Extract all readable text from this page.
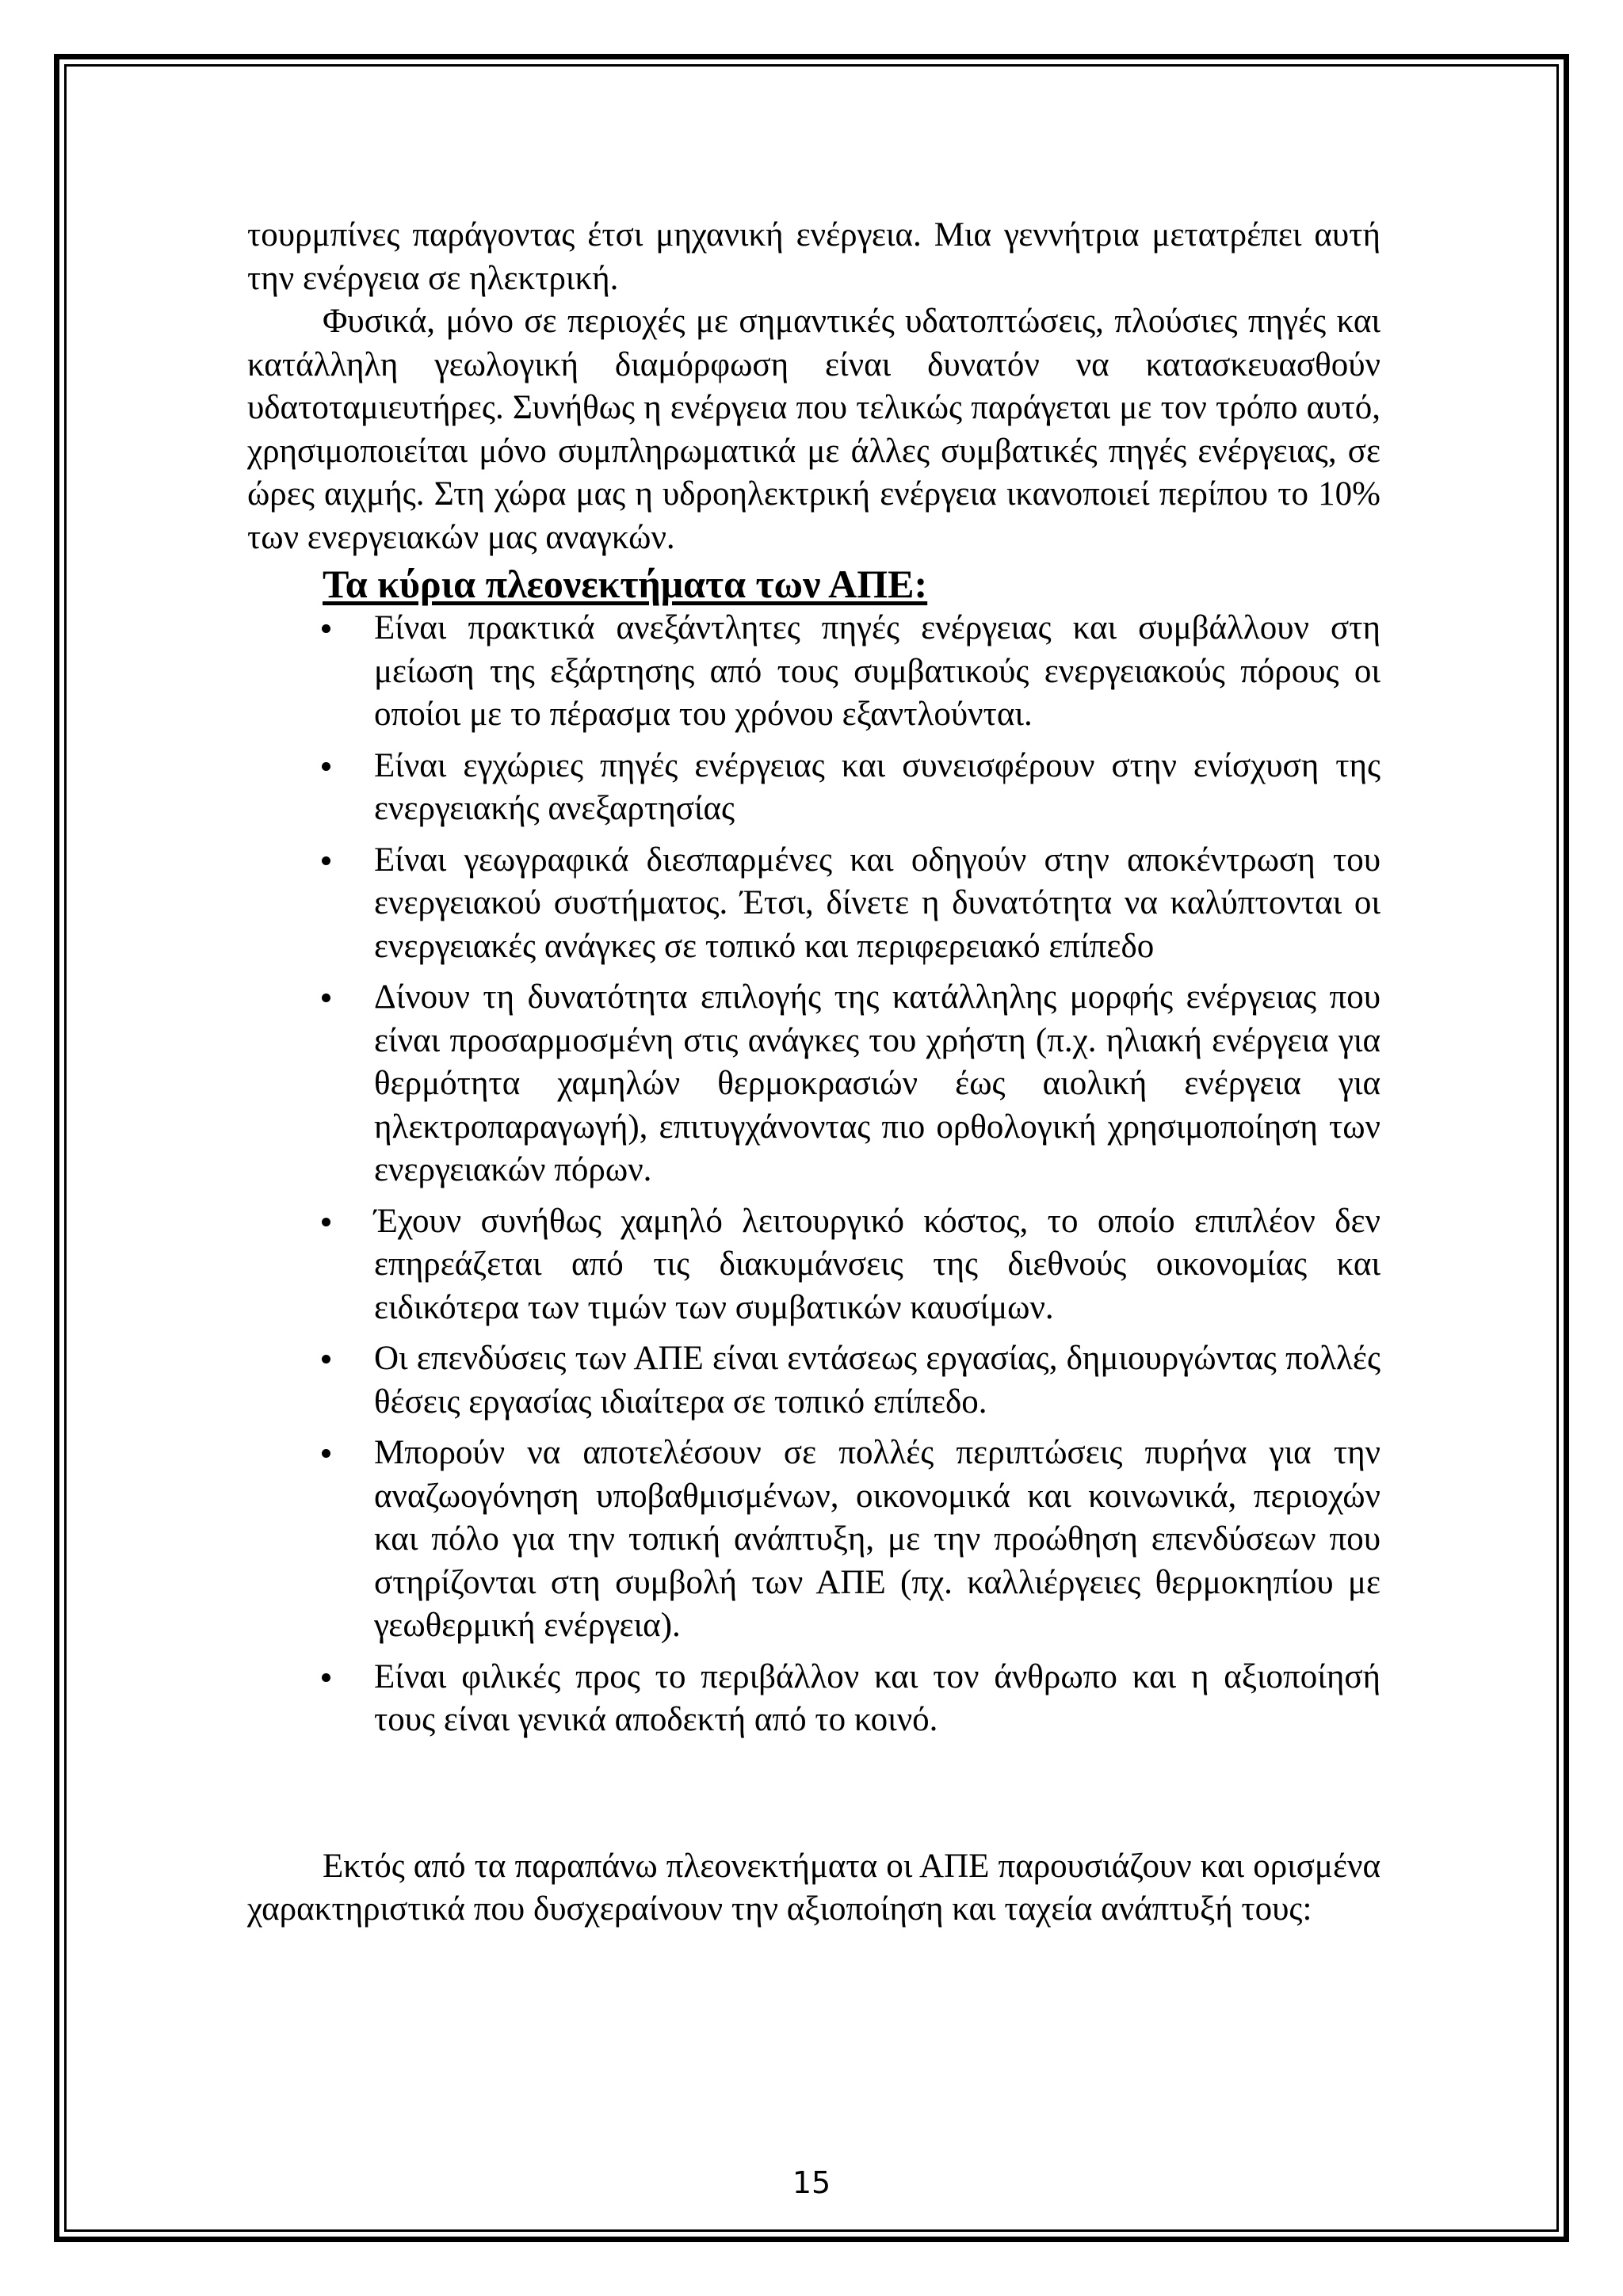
τουρμπίνες παράγοντας έτσι μηχανική ενέργεια. Μια γεννήτρια μετατρέπει αυτή την ενέργεια σε ηλεκτρική.

Φυσικά, μόνο σε περιοχές με σημαντικές υδατοπτώσεις, πλούσιες πηγές και κατάλληλη γεωλογική διαμόρφωση είναι δυνατόν να κατασκευασθούν υδατοταμιευτήρες. Συνήθως η ενέργεια που τελικώς παράγεται με τον τρόπο αυτό, χρησιμοποιείται μόνο συμπληρωματικά με άλλες συμβατικές πηγές ενέργειας, σε ώρες αιχμής. Στη χώρα μας η υδροηλεκτρική ενέργεια ικανοποιεί περίπου το 10% των ενεργειακών μας αναγκών.

Τα κύρια πλεονεκτήματα των ΑΠΕ:
Είναι πρακτικά ανεξάντλητες πηγές ενέργειας και συμβάλλουν στη μείωση της εξάρτησης από τους συμβατικούς ενεργειακούς πόρους οι οποίοι με το πέρασμα του χρόνου εξαντλούνται.
Είναι εγχώριες πηγές ενέργειας και συνεισφέρουν στην ενίσχυση της ενεργειακής ανεξαρτησίας
Είναι γεωγραφικά διεσπαρμένες και οδηγούν στην αποκέντρωση του ενεργειακού συστήματος. Έτσι, δίνετε η δυνατότητα να καλύπτονται οι ενεργειακές ανάγκες σε τοπικό και περιφερειακό επίπεδο
Δίνουν τη δυνατότητα επιλογής της κατάλληλης μορφής ενέργειας που είναι προσαρμοσμένη στις ανάγκες του χρήστη (π.χ. ηλιακή ενέργεια για θερμότητα χαμηλών θερμοκρασιών έως αιολική ενέργεια για ηλεκτροπαραγωγή), επιτυγχάνοντας πιο ορθολογική χρησιμοποίηση των ενεργειακών πόρων.
Έχουν συνήθως χαμηλό λειτουργικό κόστος, το οποίο επιπλέον δεν επηρεάζεται από τις διακυμάνσεις της διεθνούς οικονομίας και ειδικότερα των τιμών των συμβατικών καυσίμων.
Οι επενδύσεις των ΑΠΕ είναι εντάσεως εργασίας, δημιουργώντας πολλές θέσεις εργασίας ιδιαίτερα σε τοπικό επίπεδο.
Μπορούν να αποτελέσουν σε πολλές περιπτώσεις πυρήνα για την αναζωογόνηση υποβαθμισμένων, οικονομικά και κοινωνικά, περιοχών και πόλο για την τοπική ανάπτυξη, με την προώθηση επενδύσεων που στηρίζονται στη συμβολή των ΑΠΕ (πχ. καλλιέργειες θερμοκηπίου με γεωθερμική ενέργεια).
Είναι φιλικές προς το περιβάλλον και τον άνθρωπο και η αξιοποίησή τους είναι γενικά αποδεκτή από το κοινό.

Εκτός από τα παραπάνω πλεονεκτήματα οι ΑΠΕ παρουσιάζουν και ορισμένα χαρακτηριστικά που δυσχεραίνουν την αξιοποίηση και ταχεία ανάπτυξή τους:

15
